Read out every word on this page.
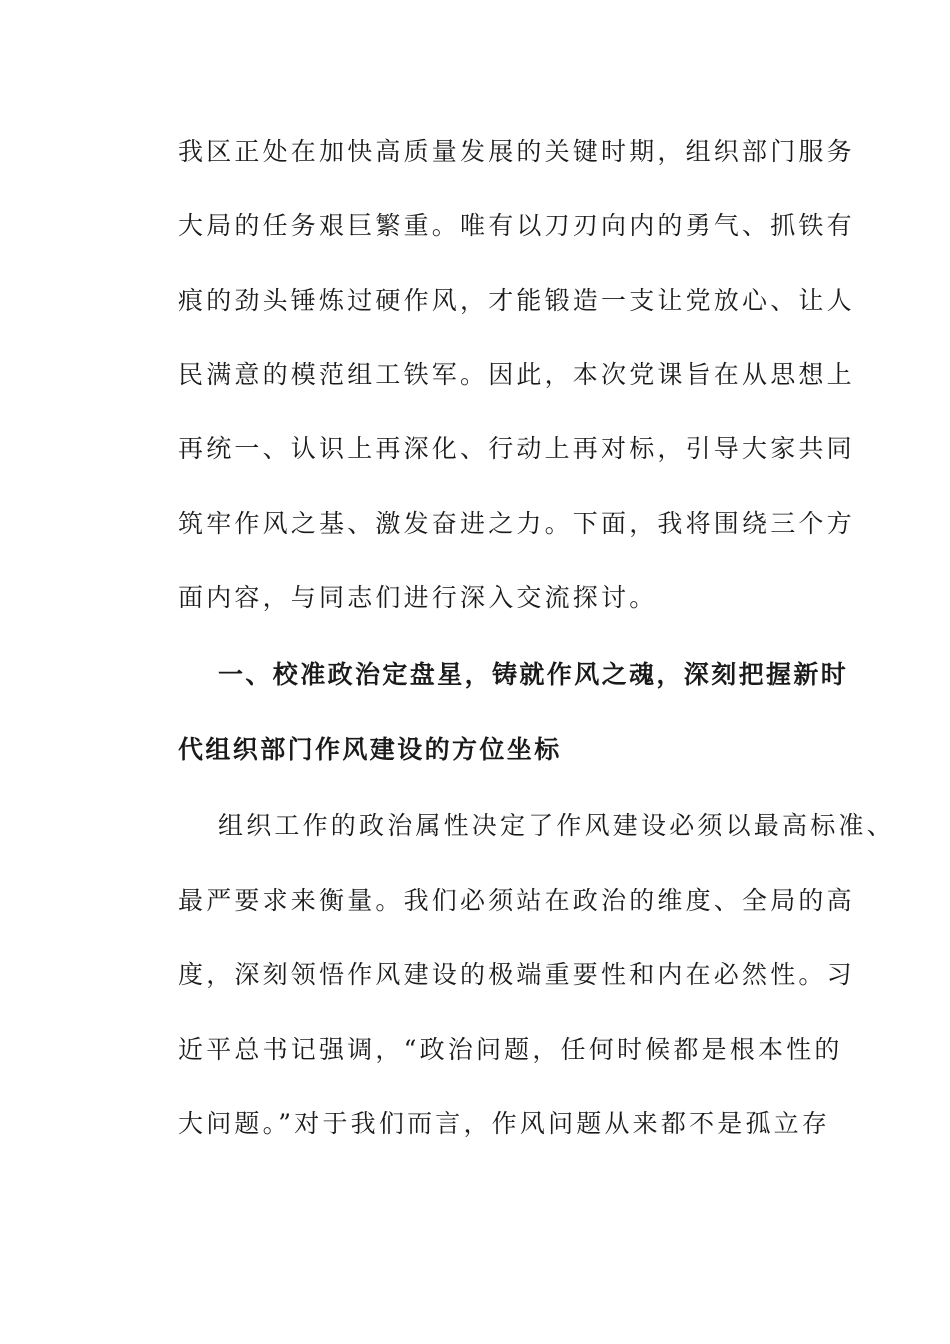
我区正处在加快高质量发展的关键时期，组织部门服务
大局的任务艰巨繁重。唯有以刀刃向内的勇气、抓铁有
痕的劲头锤炼过硬作风，才能锻造一支让党放心、让人
民满意的模范组工铁军。因此，本次党课旨在从思想上
再统一、认识上再深化、行动上再对标，引导大家共同
筑牢作风之基、激发奋进之力。下面，我将围绕三个方
面内容，与同志们进行深入交流探讨。
一、校准政治定盘星，铸就作风之魂，深刻把握新时
代组织部门作风建设的方位坐标
组织工作的政治属性决定了作风建设必须以最高标准、
最严要求来衡量。我们必须站在政治的维度、全局的高
度，深刻领悟作风建设的极端重要性和内在必然性。习
近平总书记强调，“政治问题，任何时候都是根本性的
大问题。”对于我们而言，作风问题从来都不是孤立存
